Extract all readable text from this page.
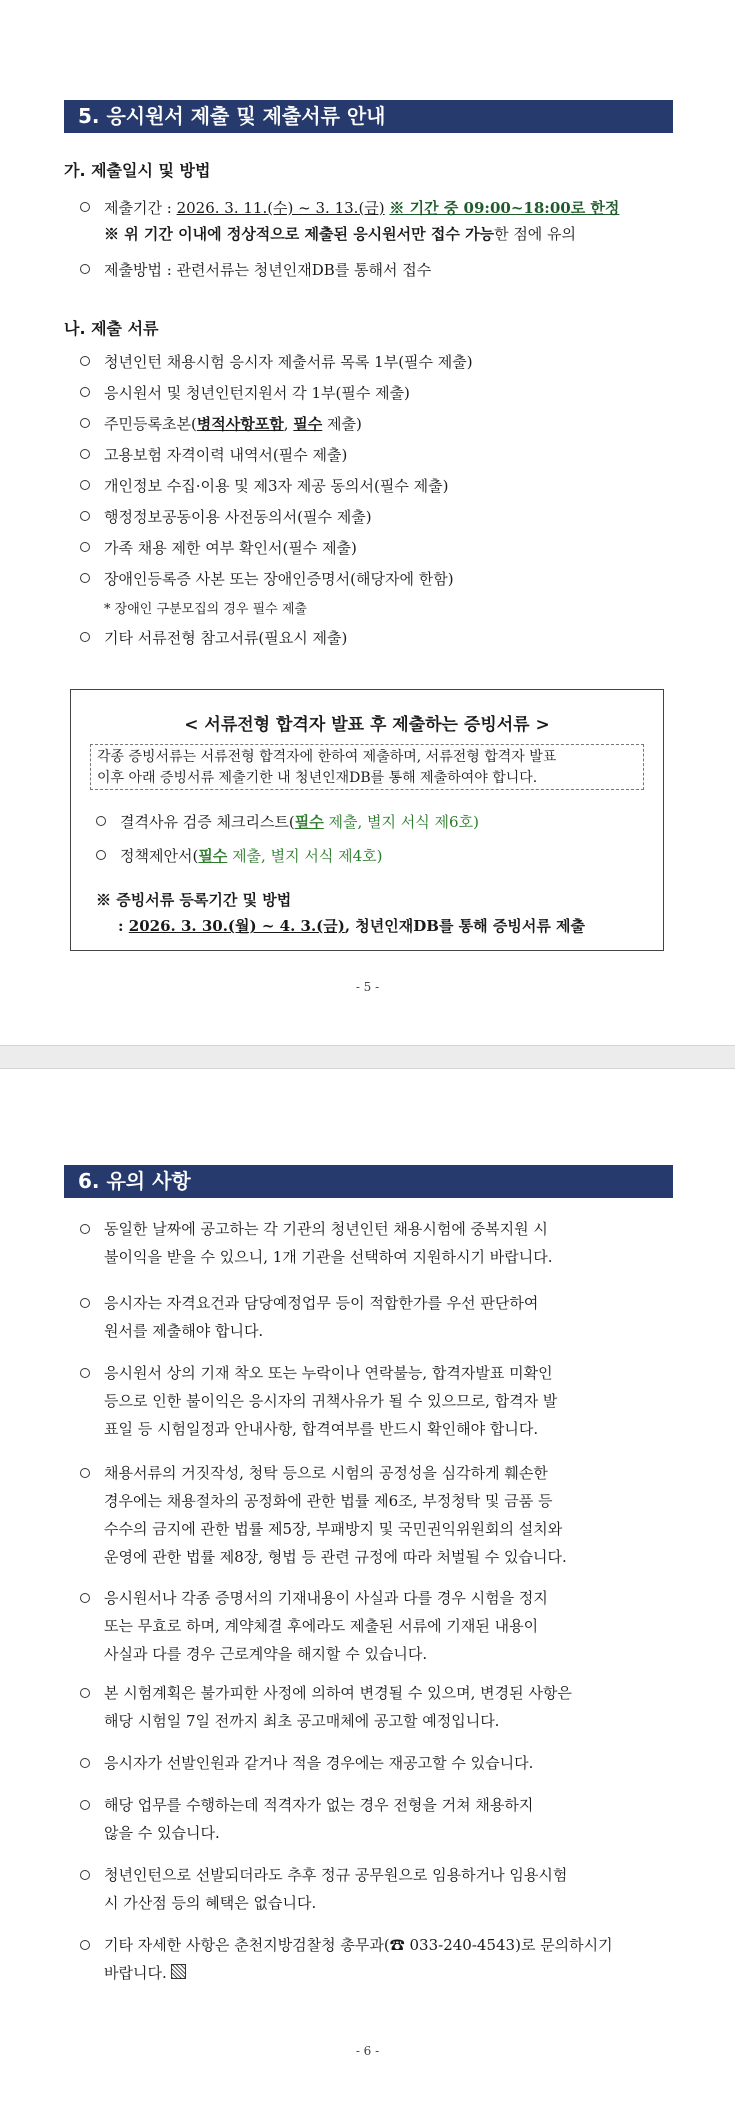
5. 응시원서 제출 및 제출서류 안내
가. 제출일시 및 방법
제출기간 : 2026. 3. 11.(수) ~ 3. 13.(금) ※ 기간 중 09:00~18:00로 한정
※ 위 기간 이내에 정상적으로 제출된 응시원서만 접수 가능한 점에 유의
제출방법 : 관련서류는 청년인재DB를 통해서 접수
나. 제출 서류
청년인턴 채용시험 응시자 제출서류 목록 1부(필수 제출)
응시원서 및 청년인턴지원서 각 1부(필수 제출)
주민등록초본(병적사항포함, 필수 제출)
고용보험 자격이력 내역서(필수 제출)
개인정보 수집·이용 및 제3자 제공 동의서(필수 제출)
행정정보공동이용 사전동의서(필수 제출)
가족 채용 제한 여부 확인서(필수 제출)
장애인등록증 사본 또는 장애인증명서(해당자에 한함)
* 장애인 구분모집의 경우 필수 제출
기타 서류전형 참고서류(필요시 제출)
< 서류전형 합격자 발표 후 제출하는 증빙서류 >
각종 증빙서류는 서류전형 합격자에 한하여 제출하며, 서류전형 합격자 발표
이후 아래 증빙서류 제출기한 내 청년인재DB를 통해 제출하여야 합니다.
결격사유 검증 체크리스트(필수 제출, 별지 서식 제6호)
정책제안서(필수 제출, 별지 서식 제4호)
※ 증빙서류 등록기간 및 방법
: 2026. 3. 30.(월) ~ 4. 3.(금), 청년인재DB를 통해 증빙서류 제출
- 5 -
6. 유의 사항
동일한 날짜에 공고하는 각 기관의 청년인턴 채용시험에 중복지원 시
불이익을 받을 수 있으니, 1개 기관을 선택하여 지원하시기 바랍니다.
응시자는 자격요건과 담당예정업무 등이 적합한가를 우선 판단하여
원서를 제출해야 합니다.
응시원서 상의 기재 착오 또는 누락이나 연락불능, 합격자발표 미확인
등으로 인한 불이익은 응시자의 귀책사유가 될 수 있으므로, 합격자 발
표일 등 시험일정과 안내사항, 합격여부를 반드시 확인해야 합니다.
채용서류의 거짓작성, 청탁 등으로 시험의 공정성을 심각하게 훼손한
경우에는 채용절차의 공정화에 관한 법률 제6조, 부정청탁 및 금품 등
수수의 금지에 관한 법률 제5장, 부패방지 및 국민권익위원회의 설치와
운영에 관한 법률 제8장, 형법 등 관련 규정에 따라 처벌될 수 있습니다.
응시원서나 각종 증명서의 기재내용이 사실과 다를 경우 시험을 정지
또는 무효로 하며, 계약체결 후에라도 제출된 서류에 기재된 내용이
사실과 다를 경우 근로계약을 해지할 수 있습니다.
본 시험계획은 불가피한 사정에 의하여 변경될 수 있으며, 변경된 사항은
해당 시험일 7일 전까지 최초 공고매체에 공고할 예정입니다.
응시자가 선발인원과 같거나 적을 경우에는 재공고할 수 있습니다.
해당 업무를 수행하는데 적격자가 없는 경우 전형을 거쳐 채용하지
않을 수 있습니다.
청년인턴으로 선발되더라도 추후 정규 공무원으로 임용하거나 임용시험
시 가산점 등의 혜택은 없습니다.
기타 자세한 사항은 춘천지방검찰청 총무과(☎ 033-240-4543)로 문의하시기
바랍니다.
- 6 -
